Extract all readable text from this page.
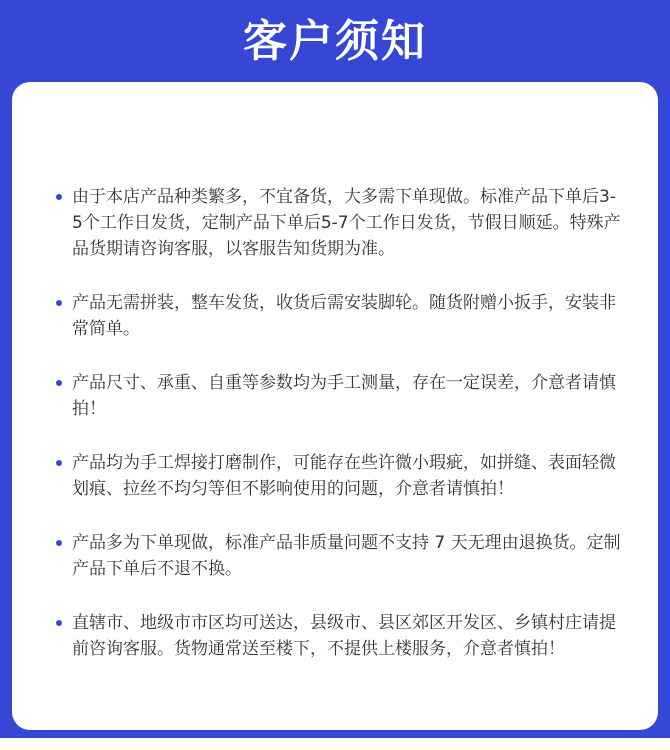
客户须知
由于本店产品种类繁多，不宜备货，大多需下单现做。标准产品下单后3-5个工作日发货，定制产品下单后5-7个工作日发货，节假日顺延。特殊产品货期请咨询客服，以客服告知货期为准。
产品无需拼装，整车发货，收货后需安装脚轮。随货附赠小扳手，安装非常简单。
产品尺寸、承重、自重等参数均为手工测量，存在一定误差，介意者请慎拍！
产品均为手工焊接打磨制作，可能存在些许微小瑕疵，如拼缝、表面轻微划痕、拉丝不均匀等但不影响使用的问题，介意者请慎拍！
产品多为下单现做，标准产品非质量问题不支持 7 天无理由退换货。定制产品下单后不退不换。
直辖市、地级市市区均可送达，县级市、县区郊区开发区、乡镇村庄请提前咨询客服。货物通常送至楼下，不提供上楼服务，介意者慎拍！
